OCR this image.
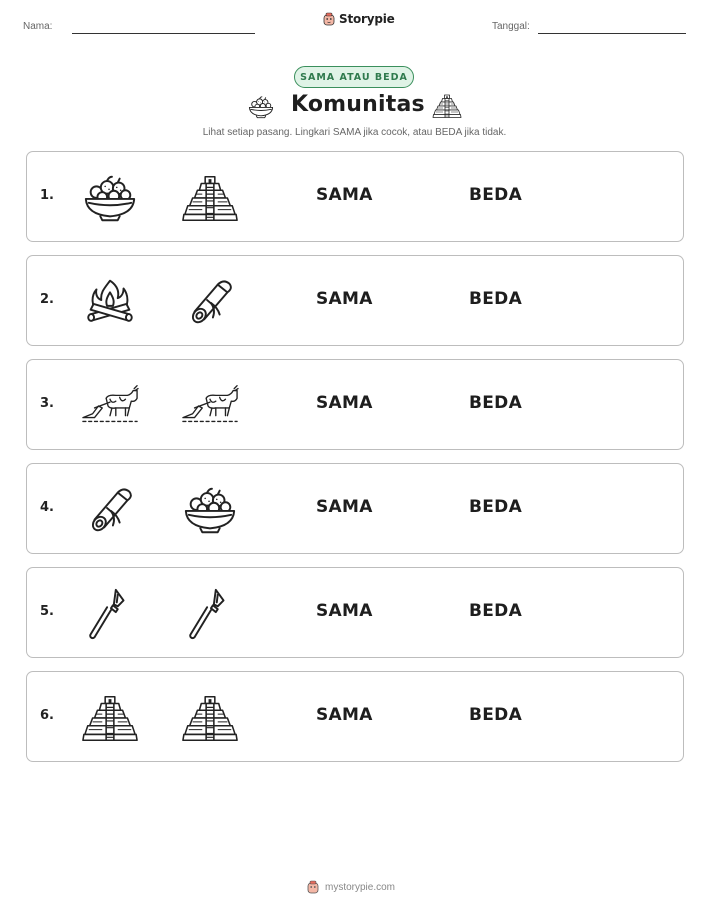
Nama:
Storypie
Tanggal:
SAMA ATAU BEDA
Komunitas
Lihat setiap pasang. Lingkari SAMA jika cocok, atau BEDA jika tidak.
1.	SAMA	BEDA
2.	SAMA	BEDA
3.	SAMA	BEDA
4.	SAMA	BEDA
5.	SAMA	BEDA
6.	SAMA	BEDA
mystorypie.com
